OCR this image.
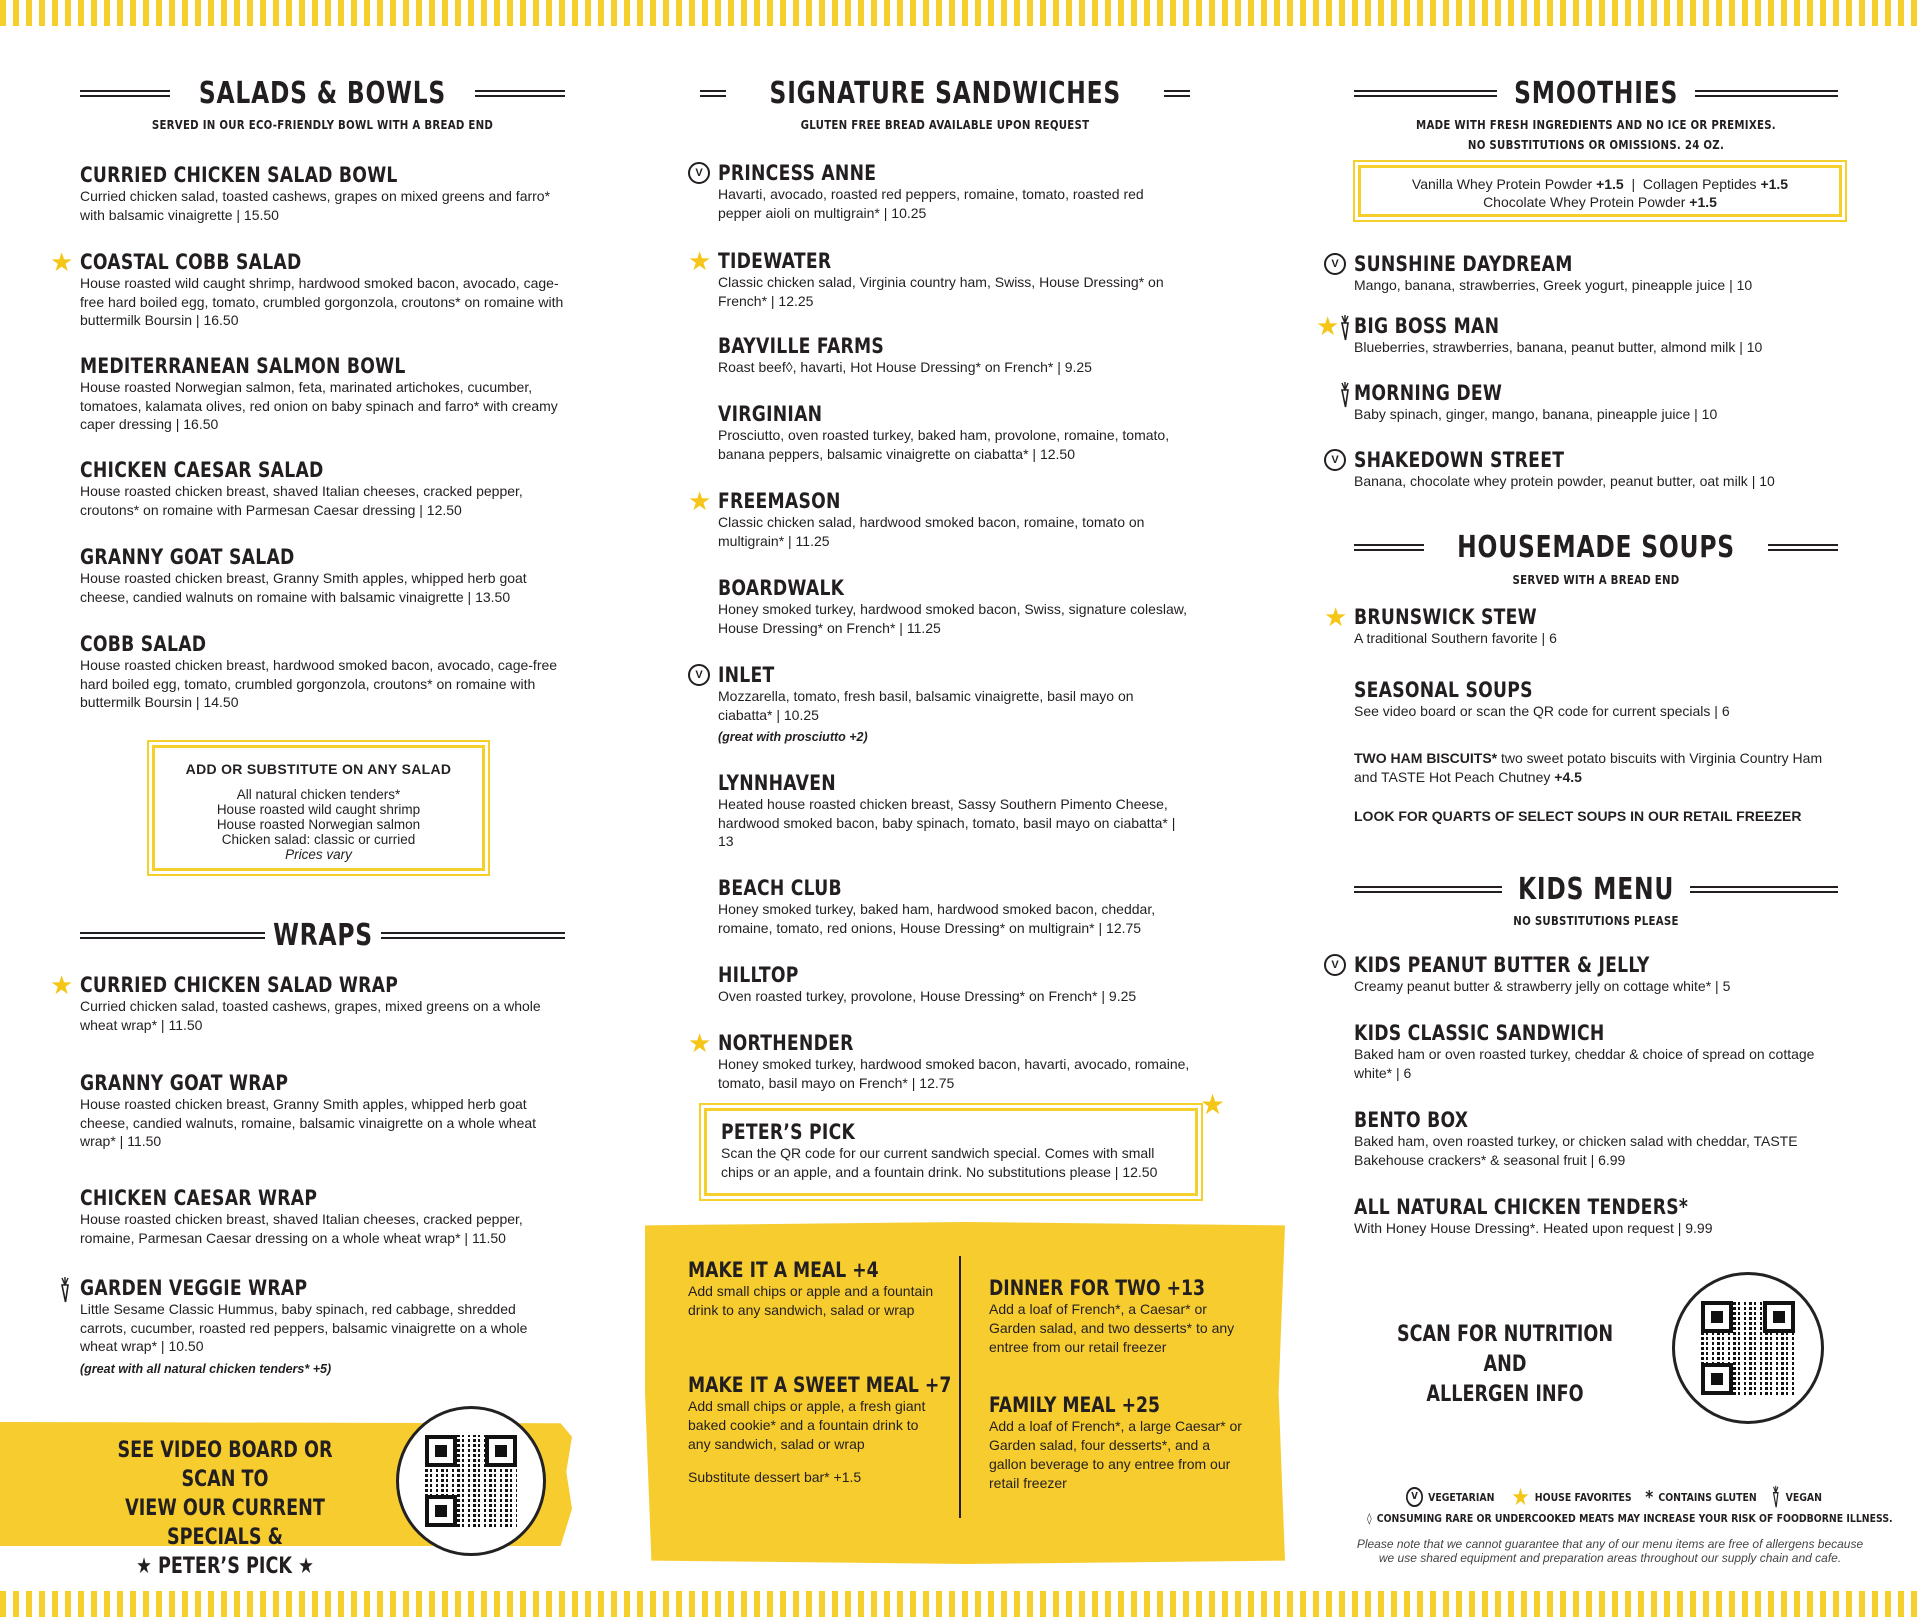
SALADS & BOWLS
SERVED IN OUR ECO-FRIENDLY BOWL WITH A BREAD END
CURRIED CHICKEN SALAD BOWL

Curried chicken salad, toasted cashews, grapes on mixed greens and farro* with balsamic vinaigrette | 15.50

★ COASTAL COBB SALAD

House roasted wild caught shrimp, hardwood smoked bacon, avocado, cage-free hard boiled egg, tomato, crumbled gorgonzola, croutons* on romaine with buttermilk Boursin | 16.50

MEDITERRANEAN SALMON BOWL

House roasted Norwegian salmon, feta, marinated artichokes, cucumber, tomatoes, kalamata olives, red onion on baby spinach and farro* with creamy caper dressing | 16.50

CHICKEN CAESAR SALAD

House roasted chicken breast, shaved Italian cheeses, cracked pepper, croutons* on romaine with Parmesan Caesar dressing | 12.50

GRANNY GOAT SALAD

House roasted chicken breast, Granny Smith apples, whipped herb goat cheese, candied walnuts on romaine with balsamic vinaigrette | 13.50

COBB SALAD

House roasted chicken breast, hardwood smoked bacon, avocado, cage-free hard boiled egg, tomato, crumbled gorgonzola, croutons* on romaine with buttermilk Boursin | 14.50

ADD OR SUBSTITUTE ON ANY SALAD
All natural chicken tenders*
House roasted wild caught shrimp
House roasted Norwegian salmon
Chicken salad: classic or curried
Prices vary
WRAPS
★ CURRIED CHICKEN SALAD WRAP

Curried chicken salad, toasted cashews, grapes, mixed greens on a whole wheat wrap* | 11.50

GRANNY GOAT WRAP

House roasted chicken breast, Granny Smith apples, whipped herb goat cheese, candied walnuts, romaine, balsamic vinaigrette on a whole wheat wrap* | 11.50

CHICKEN CAESAR WRAP

House roasted chicken breast, shaved Italian cheeses, cracked pepper, romaine, Parmesan Caesar dressing on a whole wheat wrap* | 11.50

GARDEN VEGGIE WRAP

Little Sesame Classic Hummus, baby spinach, red cabbage, shredded carrots, cucumber, roasted red peppers, balsamic vinaigrette on a whole wheat wrap* | 10.50

(great with all natural chicken tenders* +5)

SEE VIDEO BOARD OR SCAN TO
VIEW OUR CURRENT SPECIALS &
★ PETER’S PICK ★
SIGNATURE SANDWICHES
GLUTEN FREE BREAD AVAILABLE UPON REQUEST
V PRINCESS ANNE

Havarti, avocado, roasted red peppers, romaine, tomato, roasted red pepper aioli on multigrain* | 10.25

★ TIDEWATER

Classic chicken salad, Virginia country ham, Swiss, House Dressing* on French* | 12.25

BAYVILLE FARMS

Roast beef◊, havarti, Hot House Dressing* on French* | 9.25

VIRGINIAN

Prosciutto, oven roasted turkey, baked ham, provolone, romaine, tomato, banana peppers, balsamic vinaigrette on ciabatta* | 12.50

★ FREEMASON

Classic chicken salad, hardwood smoked bacon, romaine, tomato on multigrain* | 11.25

BOARDWALK

Honey smoked turkey, hardwood smoked bacon, Swiss, signature coleslaw, House Dressing* on French* | 11.25

V INLET

Mozzarella, tomato, fresh basil, balsamic vinaigrette, basil mayo on ciabatta* | 10.25

(great with prosciutto +2)

LYNNHAVEN

Heated house roasted chicken breast, Sassy Southern Pimento Cheese, hardwood smoked bacon, baby spinach, tomato, basil mayo on ciabatta* | 13

BEACH CLUB

Honey smoked turkey, baked ham, hardwood smoked bacon, cheddar, romaine, tomato, red onions, House Dressing* on multigrain* | 12.75

HILLTOP

Oven roasted turkey, provolone, House Dressing* on French* | 9.25

★ NORTHENDER

Honey smoked turkey, hardwood smoked bacon, havarti, avocado, romaine, tomato, basil mayo on French* | 12.75

PETER’S PICK

Scan the QR code for our current sandwich special. Comes with small chips or an apple, and a fountain drink. No substitutions please | 12.50

★
MAKE IT A MEAL +4

Add small chips or apple and a fountain drink to any sandwich, salad or wrap

MAKE IT A SWEET MEAL +7

Add small chips or apple, a fresh giant baked cookie* and a fountain drink to any sandwich, salad or wrap

Substitute dessert bar* +1.5

DINNER FOR TWO +13

Add a loaf of French*, a Caesar* or Garden salad, and two desserts* to any entree from our retail freezer

FAMILY MEAL +25

Add a loaf of French*, a large Caesar* or Garden salad, four desserts*, and a gallon beverage to any entree from our retail freezer

SMOOTHIES
MADE WITH FRESH INGREDIENTS AND NO ICE OR PREMIXES.
NO SUBSTITUTIONS OR OMISSIONS. 24 OZ.
Vanilla Whey Protein Powder +1.5 | Collagen Peptides +1.5
Chocolate Whey Protein Powder +1.5
V SUNSHINE DAYDREAM

Mango, banana, strawberries, Greek yogurt, pineapple juice | 10

★ BIG BOSS MAN

Blueberries, strawberries, banana, peanut butter, almond milk | 10

MORNING DEW

Baby spinach, ginger, mango, banana, pineapple juice | 10

V SHAKEDOWN STREET

Banana, chocolate whey protein powder, peanut butter, oat milk | 10

HOUSEMADE SOUPS
SERVED WITH A BREAD END
★ BRUNSWICK STEW

A traditional Southern favorite | 6

SEASONAL SOUPS

See video board or scan the QR code for current specials | 6

TWO HAM BISCUITS* two sweet potato biscuits with Virginia Country Ham and TASTE Hot Peach Chutney +4.5

LOOK FOR QUARTS OF SELECT SOUPS IN OUR RETAIL FREEZER

KIDS MENU
NO SUBSTITUTIONS PLEASE
V KIDS PEANUT BUTTER & JELLY

Creamy peanut butter & strawberry jelly on cottage white* | 5

KIDS CLASSIC SANDWICH

Baked ham or oven roasted turkey, cheddar & choice of spread on cottage white* | 6

BENTO BOX

Baked ham, oven roasted turkey, or chicken salad with cheddar, TASTE Bakehouse crackers* & seasonal fruit | 6.99

ALL NATURAL CHICKEN TENDERS*

With Honey House Dressing*. Heated upon request | 9.99

SCAN FOR NUTRITION AND
ALLERGEN INFO
V VEGETARIAN ★ HOUSE FAVORITES * CONTAINS GLUTEN	VEGAN
◊ CONSUMING RARE OR UNDERCOOKED MEATS MAY INCREASE YOUR RISK OF FOODBORNE ILLNESS.
Please note that we cannot guarantee that any of our menu items are free of allergens because
we use shared equipment and preparation areas throughout our supply chain and cafe.
